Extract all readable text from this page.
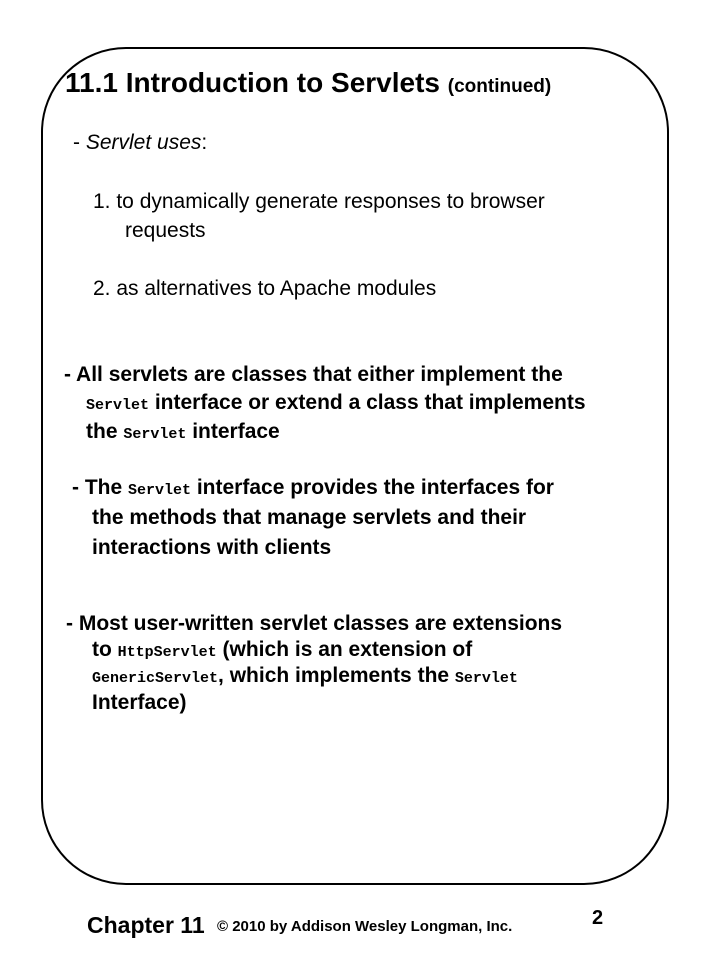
11.1 Introduction to Servlets (continued)
- Servlet uses:
1. to dynamically generate responses to browser
requests
2. as alternatives to Apache modules
- All servlets are classes that either implement the
Servlet interface or extend a class that implements
the Servlet interface
- The Servlet interface provides the interfaces for
the methods that manage servlets and their
interactions with clients
- Most user-written servlet classes are extensions
to HttpServlet (which is an extension of
GenericServlet, which implements the Servlet
Interface)
Chapter 11 © 2010 by Addison Wesley Longman, Inc.	2
